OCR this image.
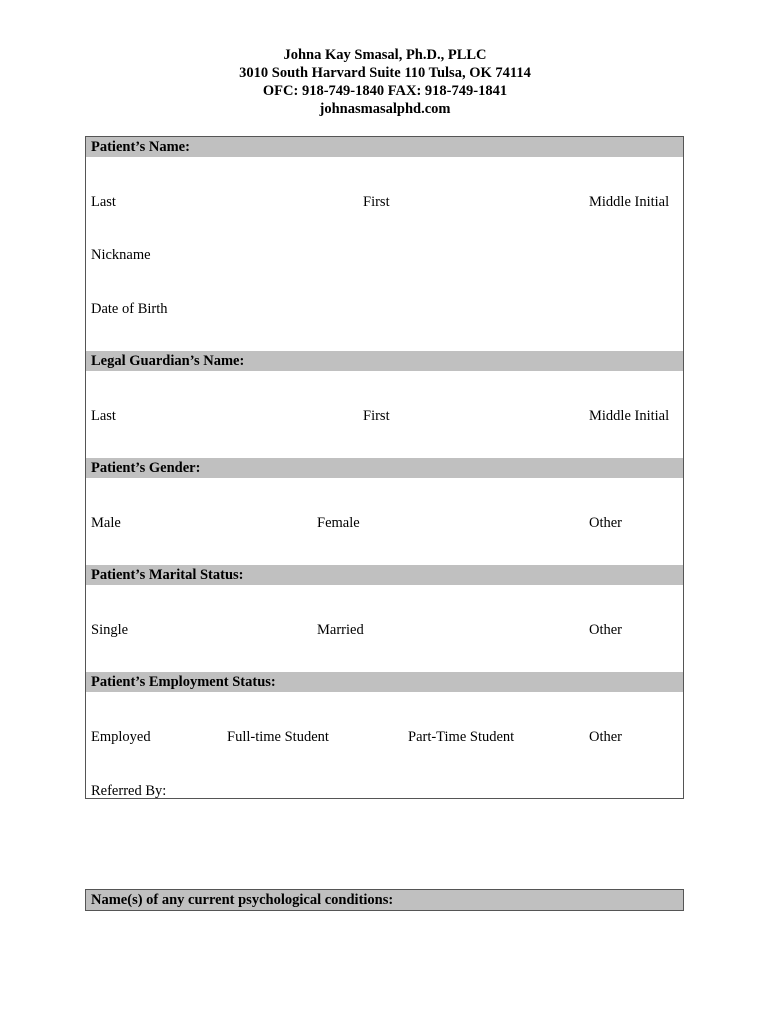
Johna Kay Smasal, Ph.D., PLLC
3010 South Harvard Suite 110 Tulsa, OK 74114
OFC: 918-749-1840 FAX: 918-749-1841
johnasmasalphd.com
Patient’s Name:
Last	First	Middle Initial
Nickname
Date of Birth
Legal Guardian’s Name:
Last	First	Middle Initial
Patient’s Gender:
Male	Female	Other
Patient’s Marital Status:
Single	Married	Other
Patient’s Employment Status:
Employed	Full-time Student	Part-Time Student	Other
Referred By:
Name(s) of any current psychological conditions:
